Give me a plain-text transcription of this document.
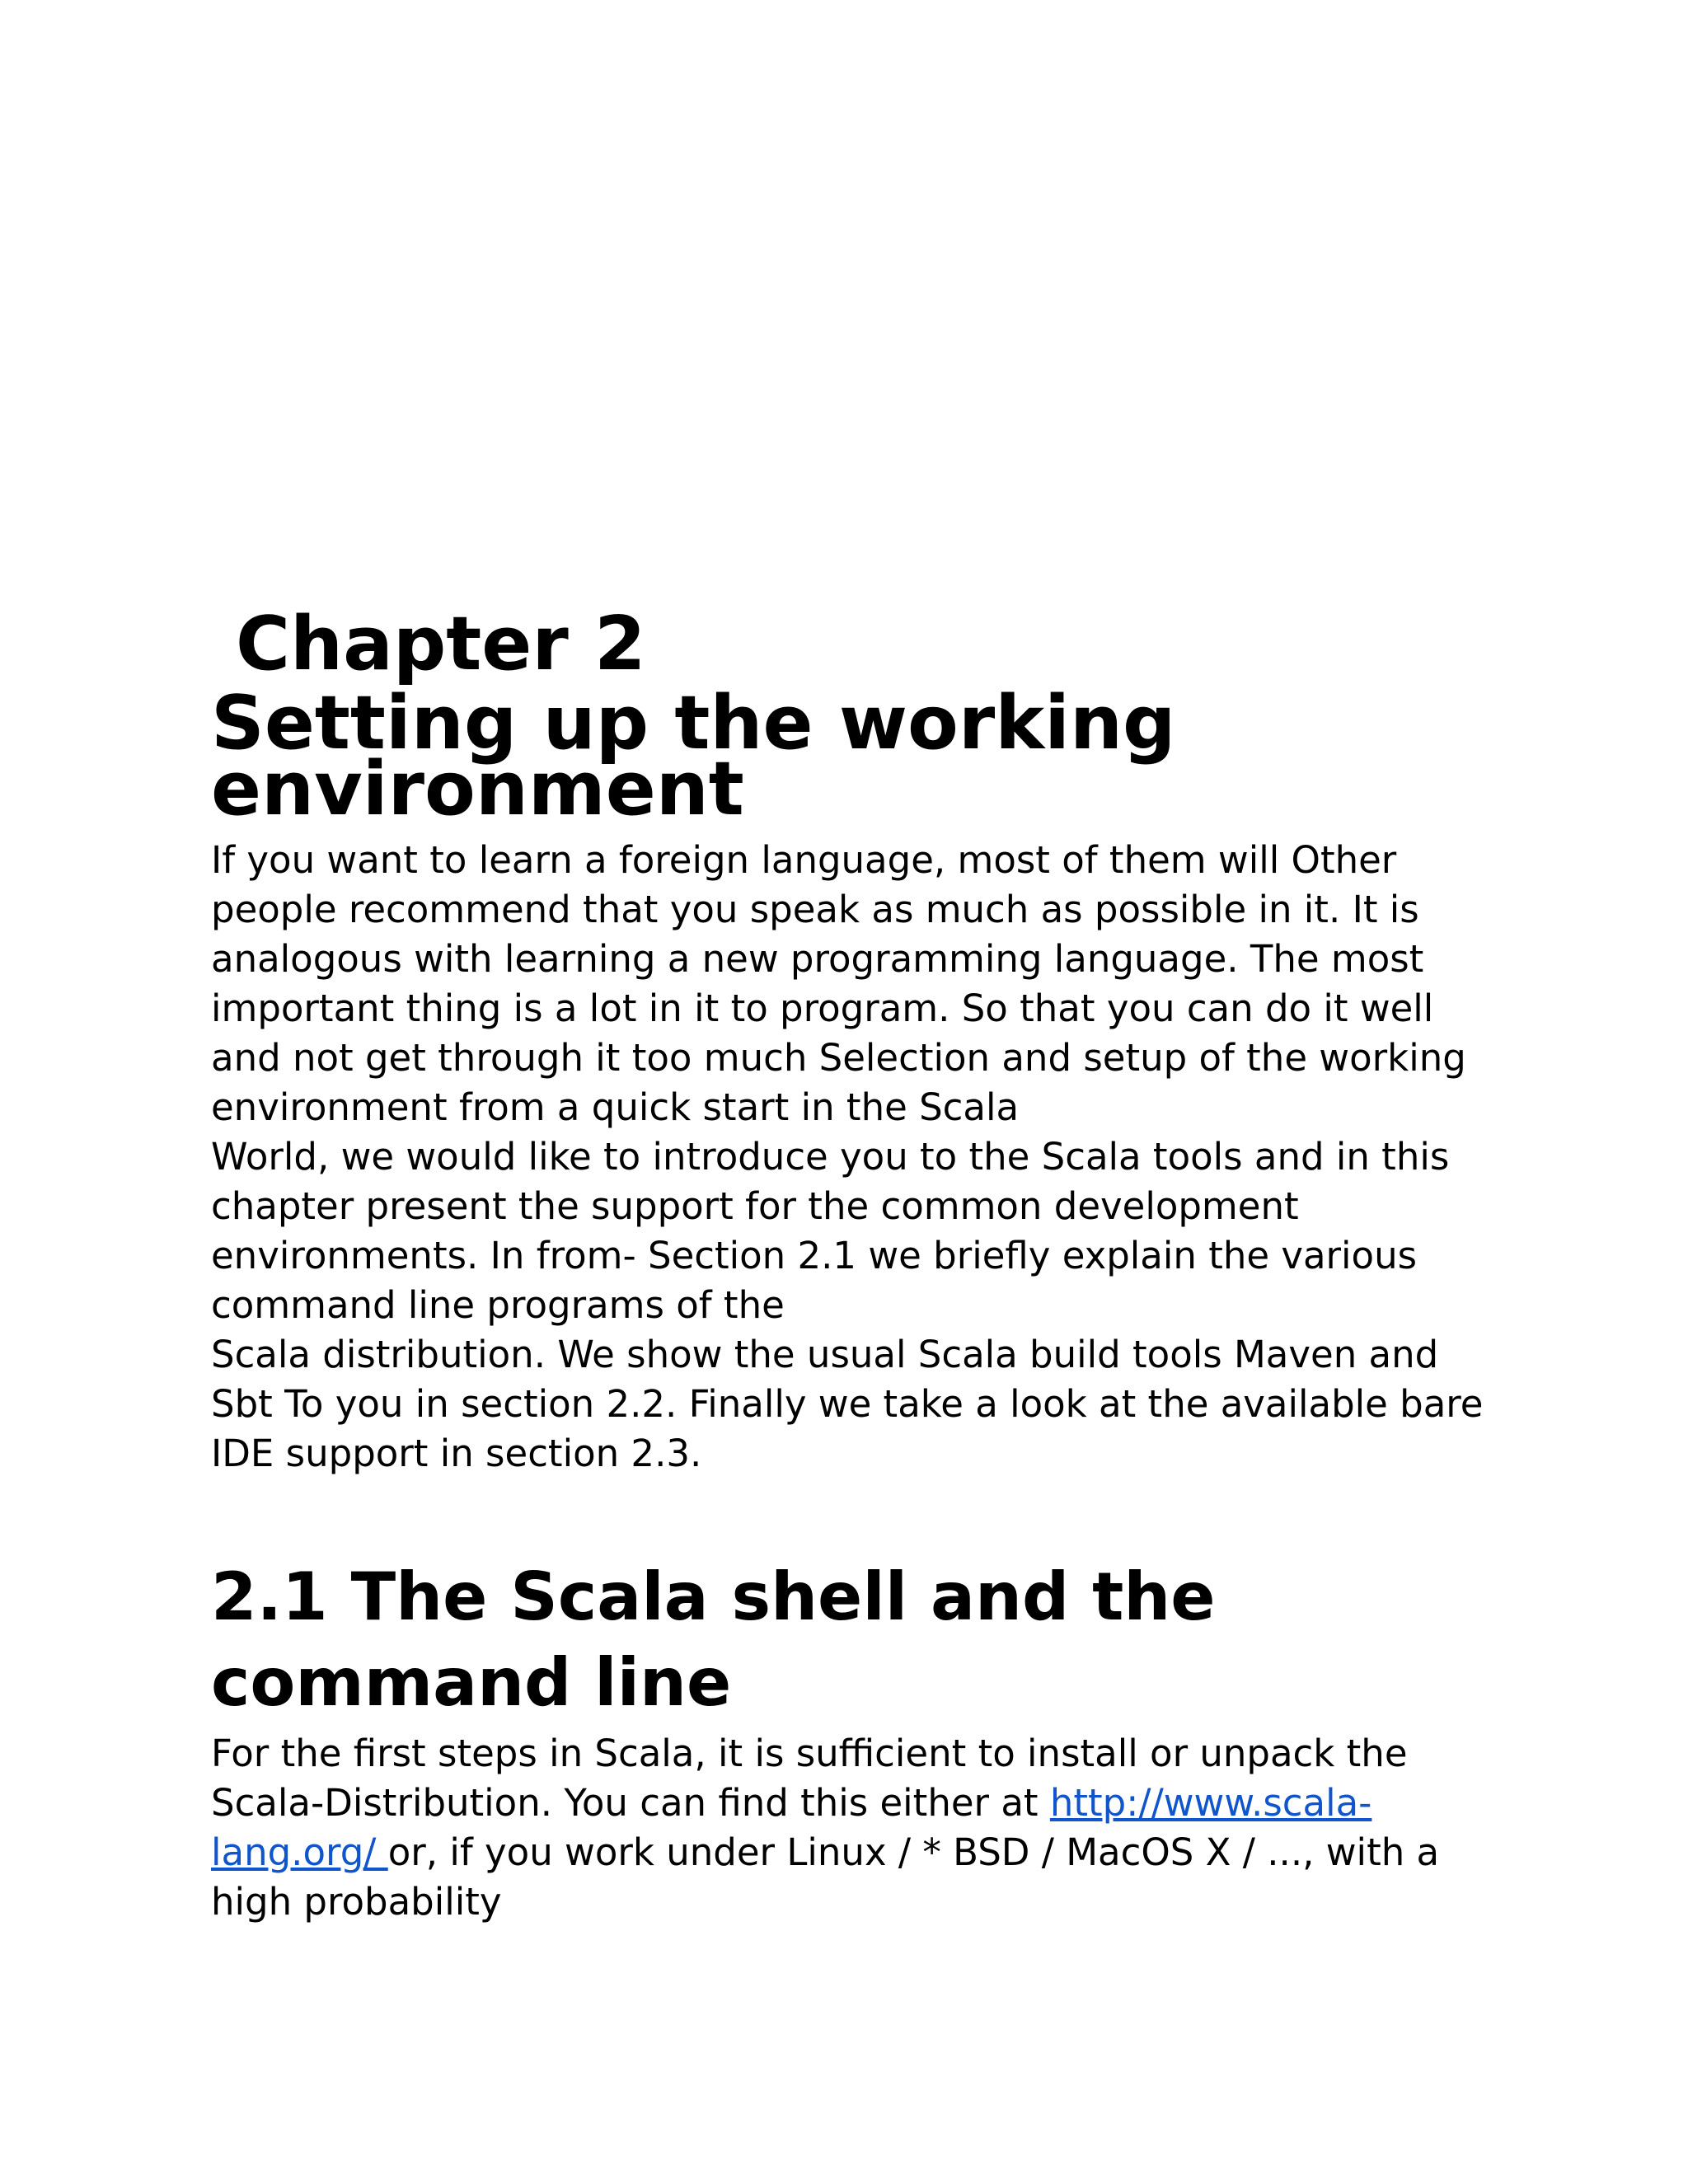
Chapter 2
Setting up the working
environment
If you want to learn a foreign language, most of them will Other
people recommend that you speak as much as possible in it. It is
analogous with learning a new programming language. The most
important thing is a lot in it to program. So that you can do it well
and not get through it too much Selection and setup of the working
environment from a quick start in the Scala
World, we would like to introduce you to the Scala tools and in this
chapter present the support for the common development
environments. In from- Section 2.1 we briefly explain the various
command line programs of the
Scala distribution. We show the usual Scala build tools Maven and
Sbt To you in section 2.2. Finally we take a look at the available bare
IDE support in section 2.3.
2.1 The Scala shell and the
command line
For the first steps in Scala, it is sufficient to install or unpack the
Scala-Distribution. You can find this either at http://www.scala-
lang.org/ or, if you work under Linux / * BSD / MacOS X / ..., with a
high probability
